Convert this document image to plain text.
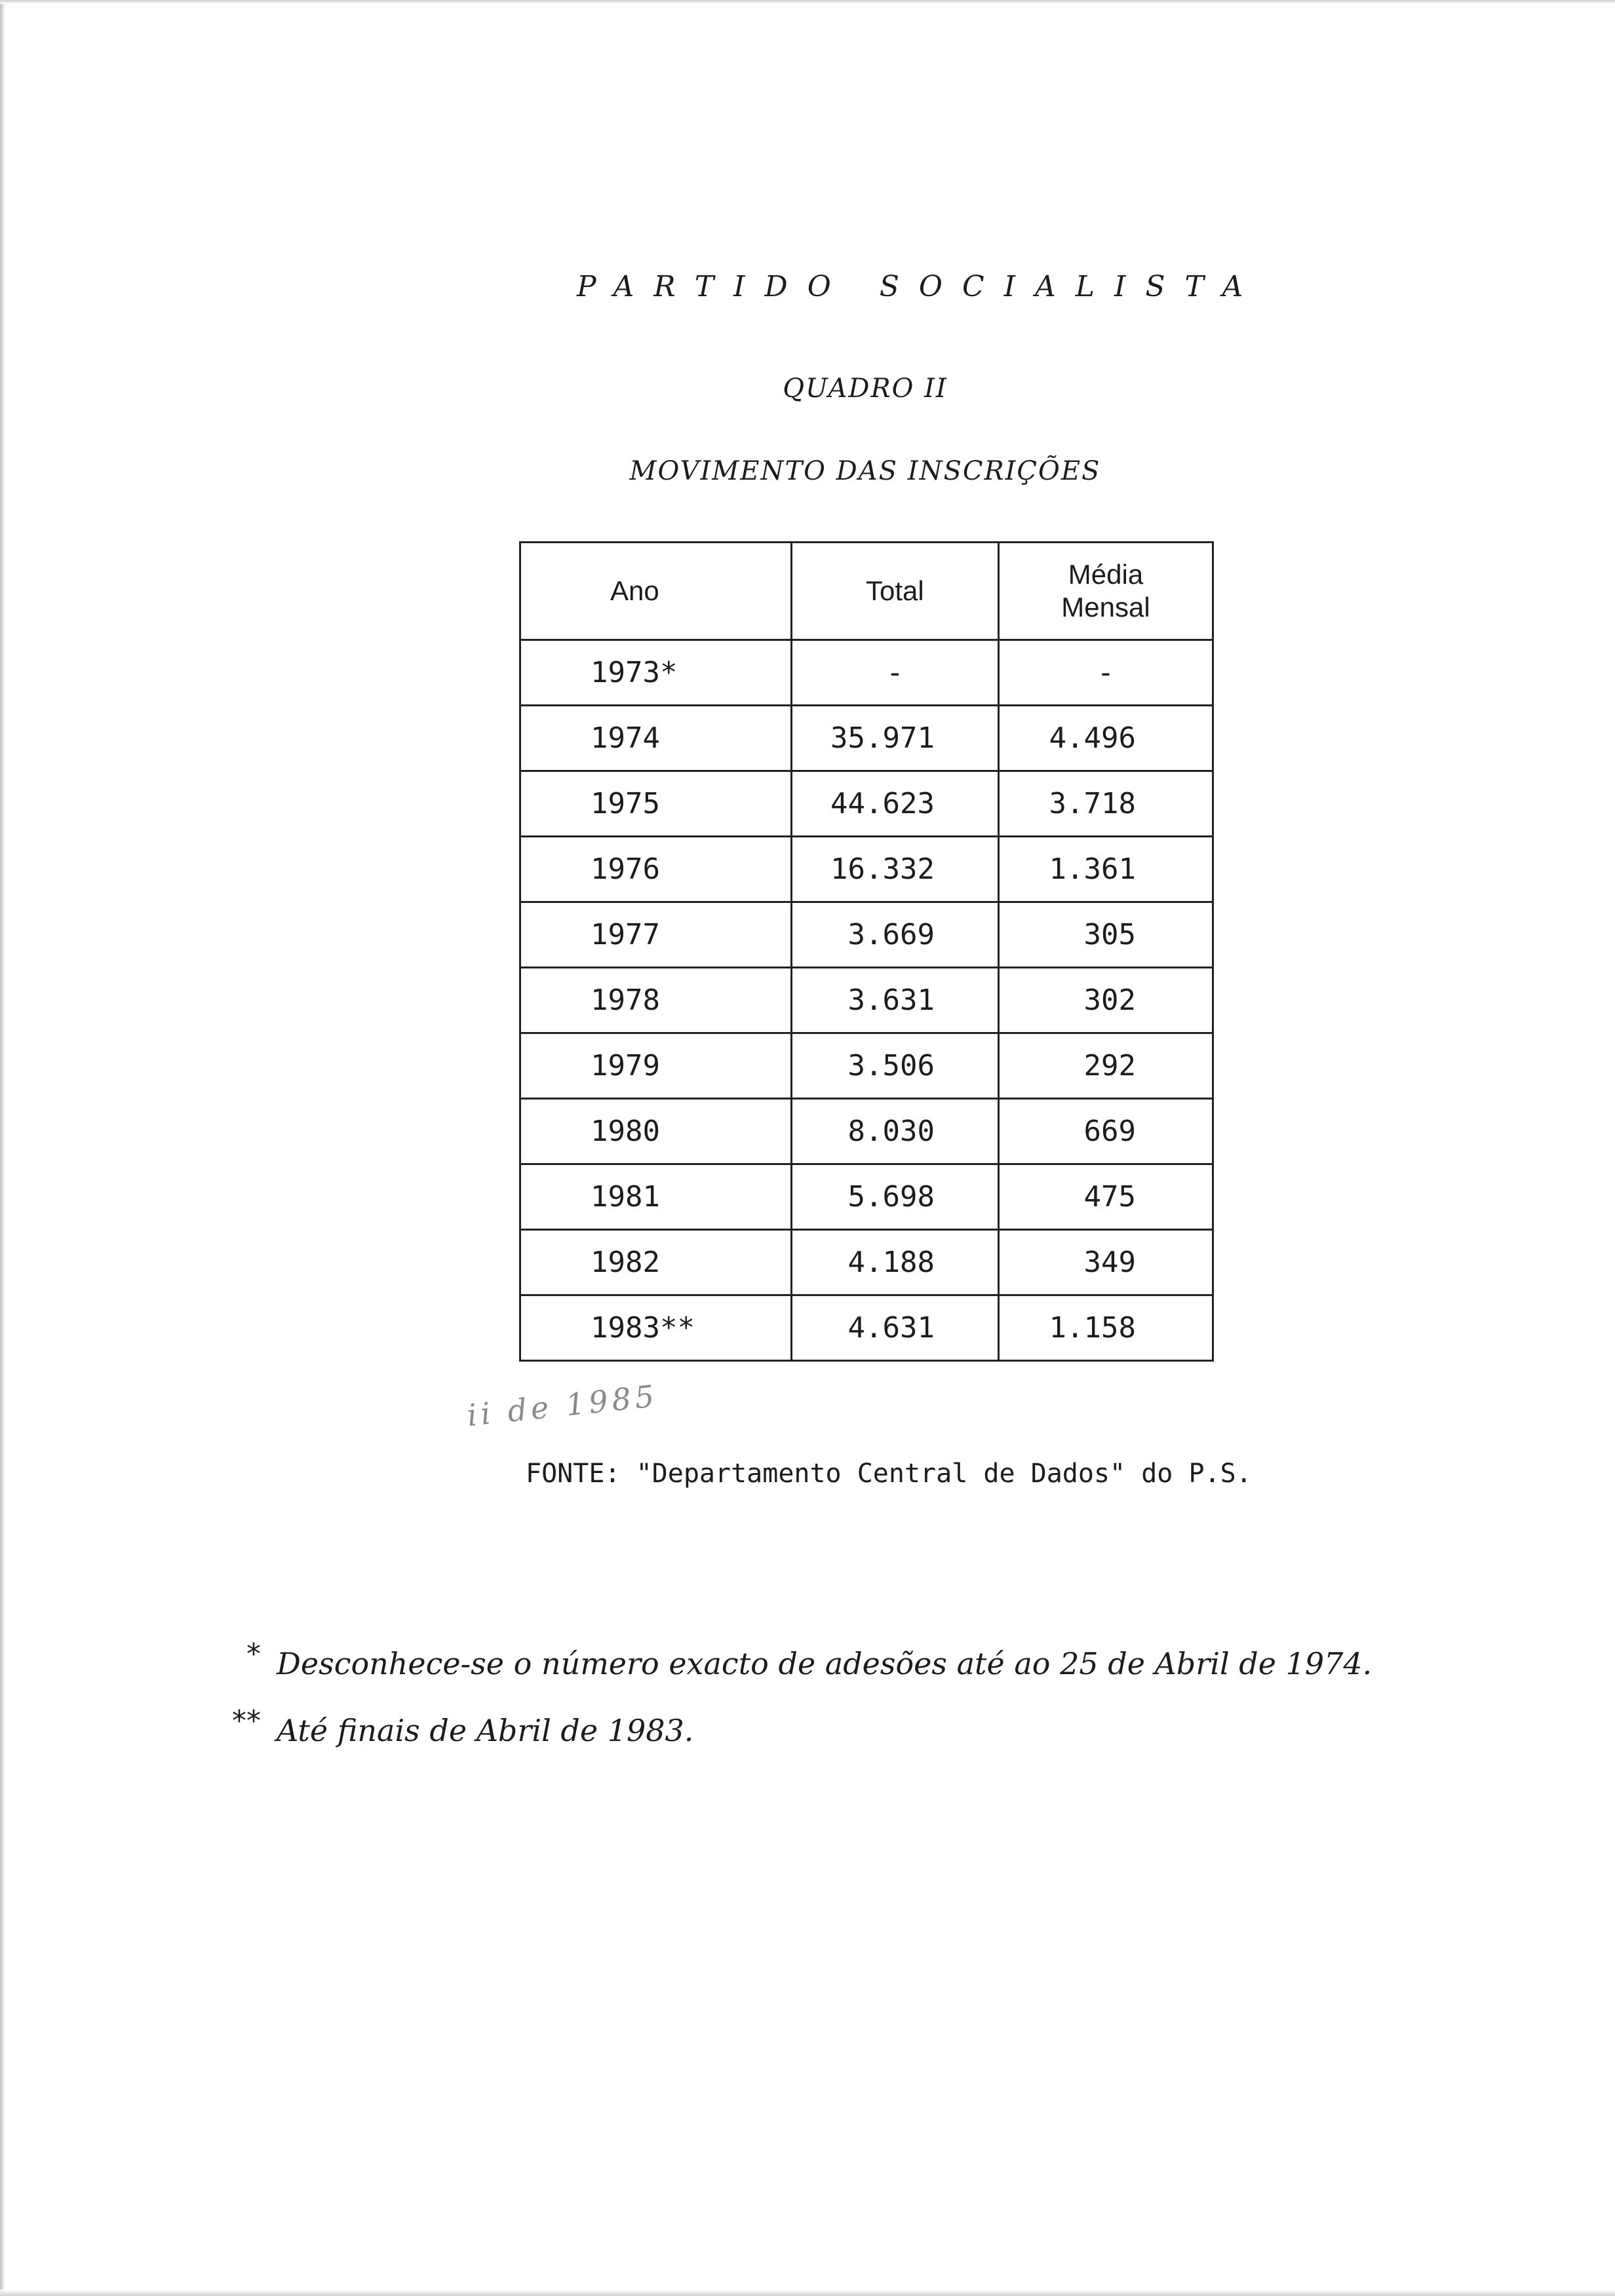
PARTIDO SOCIALISTA
QUADRO II
MOVIMENTO DAS INSCRIÇÕES
Ano	Total	Média
Mensal
1973*	-	-
1974	35.971	4.496
1975	44.623	3.718
1976	16.332	1.361
1977	3.669	305
1978	3.631	302
1979	3.506	292
1980	8.030	669
1981	5.698	475
1982	4.188	349
1983**	4.631	1.158
ii de 1985
FONTE: "Departamento Central de Dados" do P.S.
* Desconhece-se o número exacto de adesões até ao 25 de Abril de 1974.
** Até finais de Abril de 1983.
